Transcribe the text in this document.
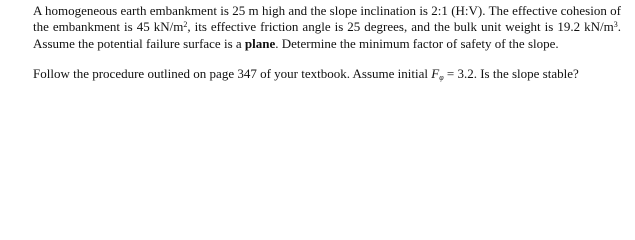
A homogeneous earth embankment is 25 m high and the slope inclination is 2:1 (H:V). The effective cohesion of the embankment is 45 $kN/m^2$, its effective friction angle is 25 degrees, and the bulk unit weight is 19.2 $kN/m^3$. Assume the potential failure surface is a plane. Determine the minimum factor of safety of the slope.

Follow the procedure outlined on page 347 of your textbook. Assume initial $F_\varphi = 3.2$. Is the slope stable?
